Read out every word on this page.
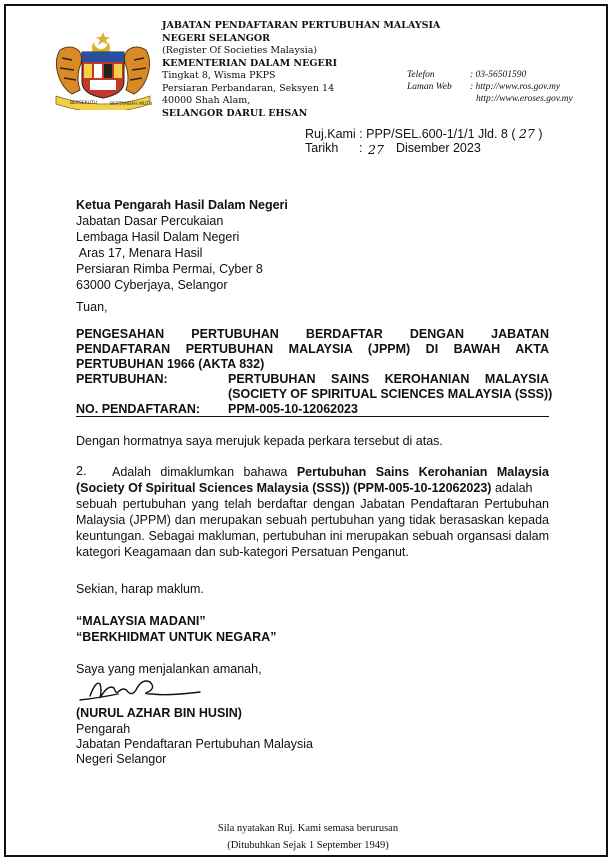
BERSEKUTU	BERTAMBAH MUTU
JABATAN PENDAFTARAN PERTUBUHAN MALAYSIA
NEGERI SELANGOR
(Register Of Societies Malaysia)
KEMENTERIAN DALAM NEGERI
Tingkat 8, Wisma PKPS
Persiaran Perbandaran, Seksyen 14
40000 Shah Alam,
SELANGOR DARUL EHSAN
Telefon	: 03-56501590
Laman Web : http://www.ros.gov.my
http://www.eroses.gov.my
Ruj.Kami : PPP/SEL.600-1/1/1 Jld. 8 ( 27 )
Tarikh : 27 Disember 2023
Ketua Pengarah Hasil Dalam Negeri
Jabatan Dasar Percukaian
Lembaga Hasil Dalam Negeri
Aras 17, Menara Hasil
Persiaran Rimba Permai, Cyber 8
63000 Cyberjaya, Selangor
Tuan,
PENGESAHAN PERTUBUHAN BERDAFTAR DENGAN JABATAN
PENDAFTARAN PERTUBUHAN MALAYSIA (JPPM) DI BAWAH AKTA
PERTUBUHAN 1966 (AKTA 832)
PERTUBUHAN:	PERTUBUHAN SAINS KEROHANIAN MALAYSIA
(SOCIETY OF SPIRITUAL SCIENCES MALAYSIA (SSS))
NO. PENDAFTARAN: PPM-005-10-12062023
Dengan hormatnya saya merujuk kepada perkara tersebut di atas.
2. Adalah dimaklumkan bahawa Pertubuhan Sains Kerohanian Malaysia
(Society Of Spiritual Sciences Malaysia (SSS)) (PPM-005-10-12062023) adalah
sebuah pertubuhan yang telah berdaftar dengan Jabatan Pendaftaran Pertubuhan
Malaysia (JPPM) dan merupakan sebuah pertubuhan yang tidak berasaskan kepada
keuntungan. Sebagai makluman, pertubuhan ini merupakan sebuah organsasi dalam
kategori Keagamaan dan sub-kategori Persatuan Penganut.
Sekian, harap maklum.
“MALAYSIA MADANI”
“BERKHIDMAT UNTUK NEGARA”
Saya yang menjalankan amanah,
(NURUL AZHAR BIN HUSIN)
Pengarah
Jabatan Pendaftaran Pertubuhan Malaysia
Negeri Selangor
Sila nyatakan Ruj. Kami semasa berurusan
(Ditubuhkan Sejak 1 September 1949)
